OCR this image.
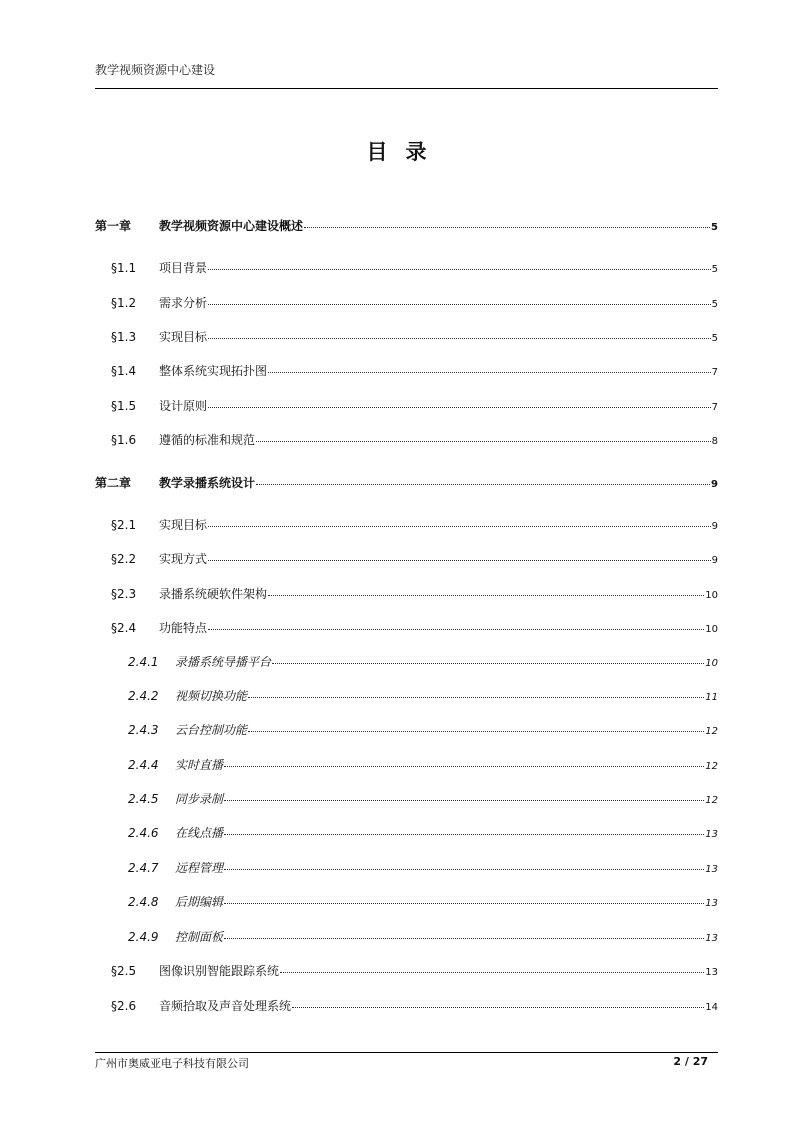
教学视频资源中心建设
目录
第一章	教学视频资源中心建设概述	5
§1.1	项目背景	5
§1.2	需求分析	5
§1.3	实现目标	5
§1.4	整体系统实现拓扑图	7
§1.5	设计原则	7
§1.6	遵循的标准和规范	8
第二章	教学录播系统设计	9
§2.1	实现目标	9
§2.2	实现方式	9
§2.3	录播系统硬软件架构	10
§2.4	功能特点	10
2.4.1	录播系统导播平台	10
2.4.2	视频切换功能	11
2.4.3	云台控制功能	12
2.4.4	实时直播	12
2.4.5	同步录制	12
2.4.6	在线点播	13
2.4.7	远程管理	13
2.4.8	后期编辑	13
2.4.9	控制面板	13
§2.5	图像识别智能跟踪系统	13
§2.6	音频拾取及声音处理系统	14
广州市奥威亚电子科技有限公司	2 / 27
